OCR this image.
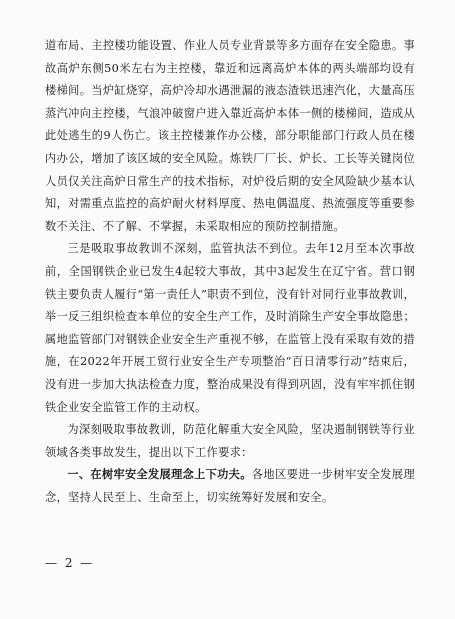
道布局、主控楼功能设置、作业人员专业背景等多方面存在安全隐患。事故高炉东侧50米左右为主控楼，靠近和远离高炉本体的两头端部均设有楼梯间。当炉缸烧穿，高炉冷却水遇泄漏的液态渣铁迅速汽化，大量高压蒸汽冲向主控楼，气浪冲破窗户进入靠近高炉本体一侧的楼梯间，造成从此处逃生的9人伤亡。该主控楼兼作办公楼，部分职能部门行政人员在楼内办公，增加了该区域的安全风险。炼铁厂厂长、炉长、工长等关键岗位人员仅关注高炉日常生产的技术指标，对炉役后期的安全风险缺少基本认知，对需重点监控的高炉耐火材料厚度、热电偶温度、热流强度等重要参数不关注、不了解、不掌握，未采取相应的预防控制措施。

三是吸取事故教训不深刻，监管执法不到位。去年12月至本次事故前，全国钢铁企业已发生4起较大事故，其中3起发生在辽宁省。营口钢铁主要负责人履行“第一责任人”职责不到位，没有针对同行业事故教训，举一反三组织检查本单位的安全生产工作，及时消除生产安全事故隐患；属地监管部门对钢铁企业安全生产重视不够，在监管上没有采取有效的措施，在2022年开展工贸行业安全生产专项整治“百日清零行动”结束后，没有进一步加大执法检查力度，整治成果没有得到巩固，没有牢牢抓住钢铁企业安全监管工作的主动权。

为深刻吸取事故教训，防范化解重大安全风险，坚决遏制钢铁等行业领域各类事故发生，提出以下工作要求：

一、在树牢安全发展理念上下功夫。各地区要进一步树牢安全发展理念，坚持人民至上、生命至上，切实统筹好发展和安全。

— 2 —
